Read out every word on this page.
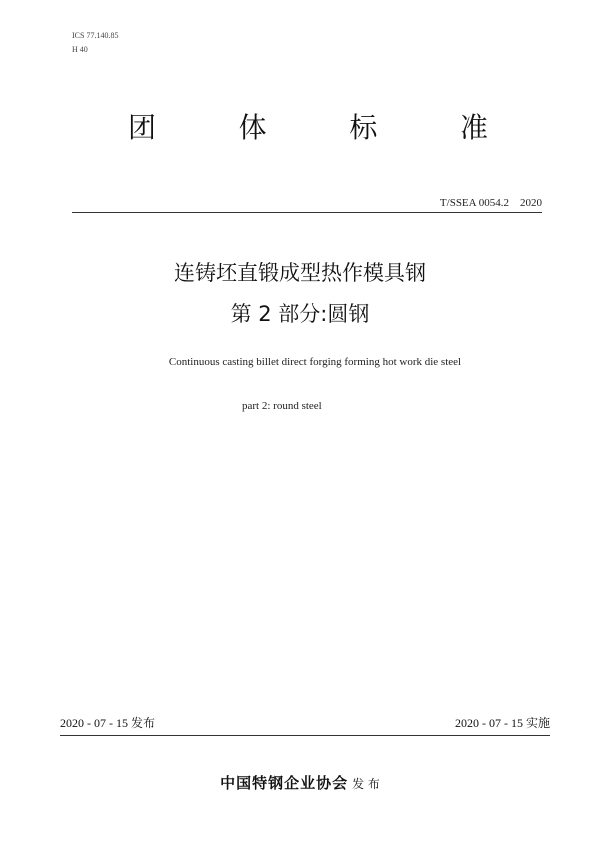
ICS 77.140.85
H 40
团	体	标	准
T/SSEA 0054.2    2020
连铸坯直锻成型热作模具钢
第 2 部分:圆钢
Continuous casting billet direct forging forming hot work die steel
part 2: round steel
2020 - 07 - 15 发布	2020 - 07 - 15 实施
中国特钢企业协会 发 布
